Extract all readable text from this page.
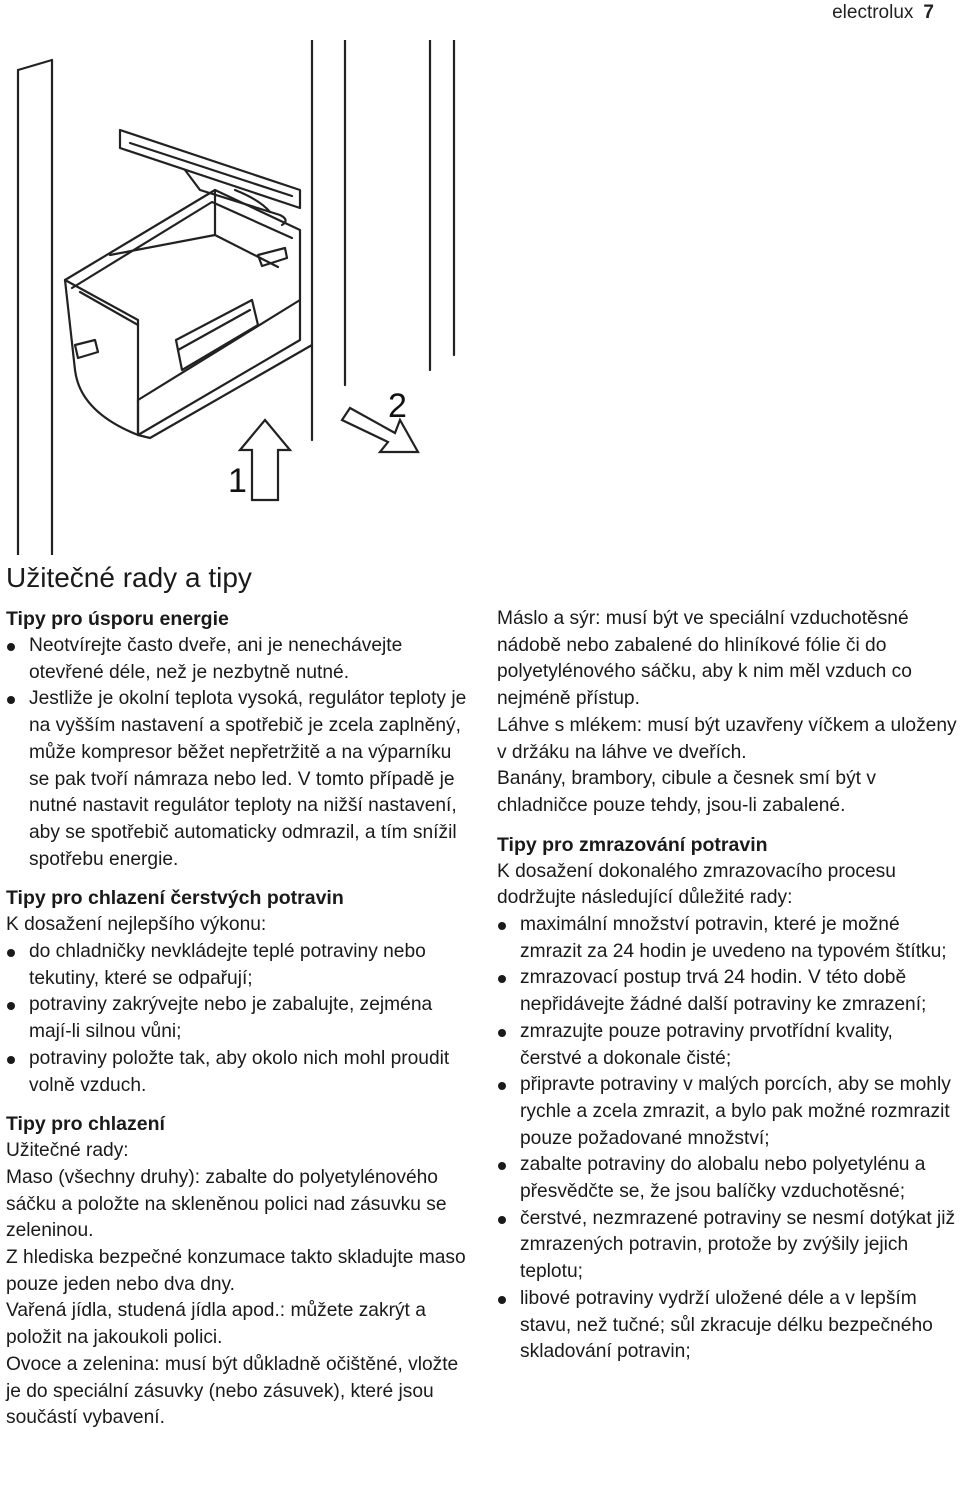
electrolux 7
1
2
Užitečné rady a tipy
Tipy pro úsporu energie
Neotvírejte často dveře, ani je nenechávejte otevřené déle, než je nezbytně nutné.
Jestliže je okolní teplota vysoká, regulátor teploty je na vyšším nastavení a spotřebič je zcela zaplněný, může kompresor běžet nepřetržitě a na výparníku se pak tvoří námraza nebo led. V tomto případě je nutné nastavit regulátor teploty na nižší nastavení, aby se spotřebič automaticky odmrazil, a tím snížil spotřebu energie.
Tipy pro chlazení čerstvých potravin

K dosažení nejlepšího výkonu:

do chladničky nevkládejte teplé potraviny nebo tekutiny, které se odpařují;
potraviny zakrývejte nebo je zabalujte, zejména mají-li silnou vůni;
potraviny položte tak, aby okolo nich mohl proudit volně vzduch.
Tipy pro chlazení

Užitečné rady:

Maso (všechny druhy): zabalte do polyetylénového sáčku a položte na skleněnou polici nad zásuvku se zeleninou.

Z hlediska bezpečné konzumace takto skladujte maso pouze jeden nebo dva dny.

Vařená jídla, studená jídla apod.: můžete zakrýt a položit na jakoukoli polici.

Ovoce a zelenina: musí být důkladně očištěné, vložte je do speciální zásuvky (nebo zásuvek), které jsou součástí vybavení.

Máslo a sýr: musí být ve speciální vzduchotěsné nádobě nebo zabalené do hliníkové fólie či do polyetylénového sáčku, aby k nim měl vzduch co nejméně přístup.

Láhve s mlékem: musí být uzavřeny víčkem a uloženy v držáku na láhve ve dveřích.

Banány, brambory, cibule a česnek smí být v chladničce pouze tehdy, jsou-li zabalené.

Tipy pro zmrazování potravin

K dosažení dokonalého zmrazovacího procesu dodržujte následující důležité rady:

maximální množství potravin, které je možné zmrazit za 24 hodin je uvedeno na typovém štítku;
zmrazovací postup trvá 24 hodin. V této době nepřidávejte žádné další potraviny ke zmrazení;
zmrazujte pouze potraviny prvotřídní kvality, čerstvé a dokonale čisté;
připravte potraviny v malých porcích, aby se mohly rychle a zcela zmrazit, a bylo pak možné rozmrazit pouze požadované množství;
zabalte potraviny do alobalu nebo polyetylénu a přesvědčte se, že jsou balíčky vzduchotěsné;
čerstvé, nezmrazené potraviny se nesmí dotýkat již zmrazených potravin, protože by zvýšily jejich teplotu;
libové potraviny vydrží uložené déle a v lepším stavu, než tučné; sůl zkracuje délku bezpečného skladování potravin;
